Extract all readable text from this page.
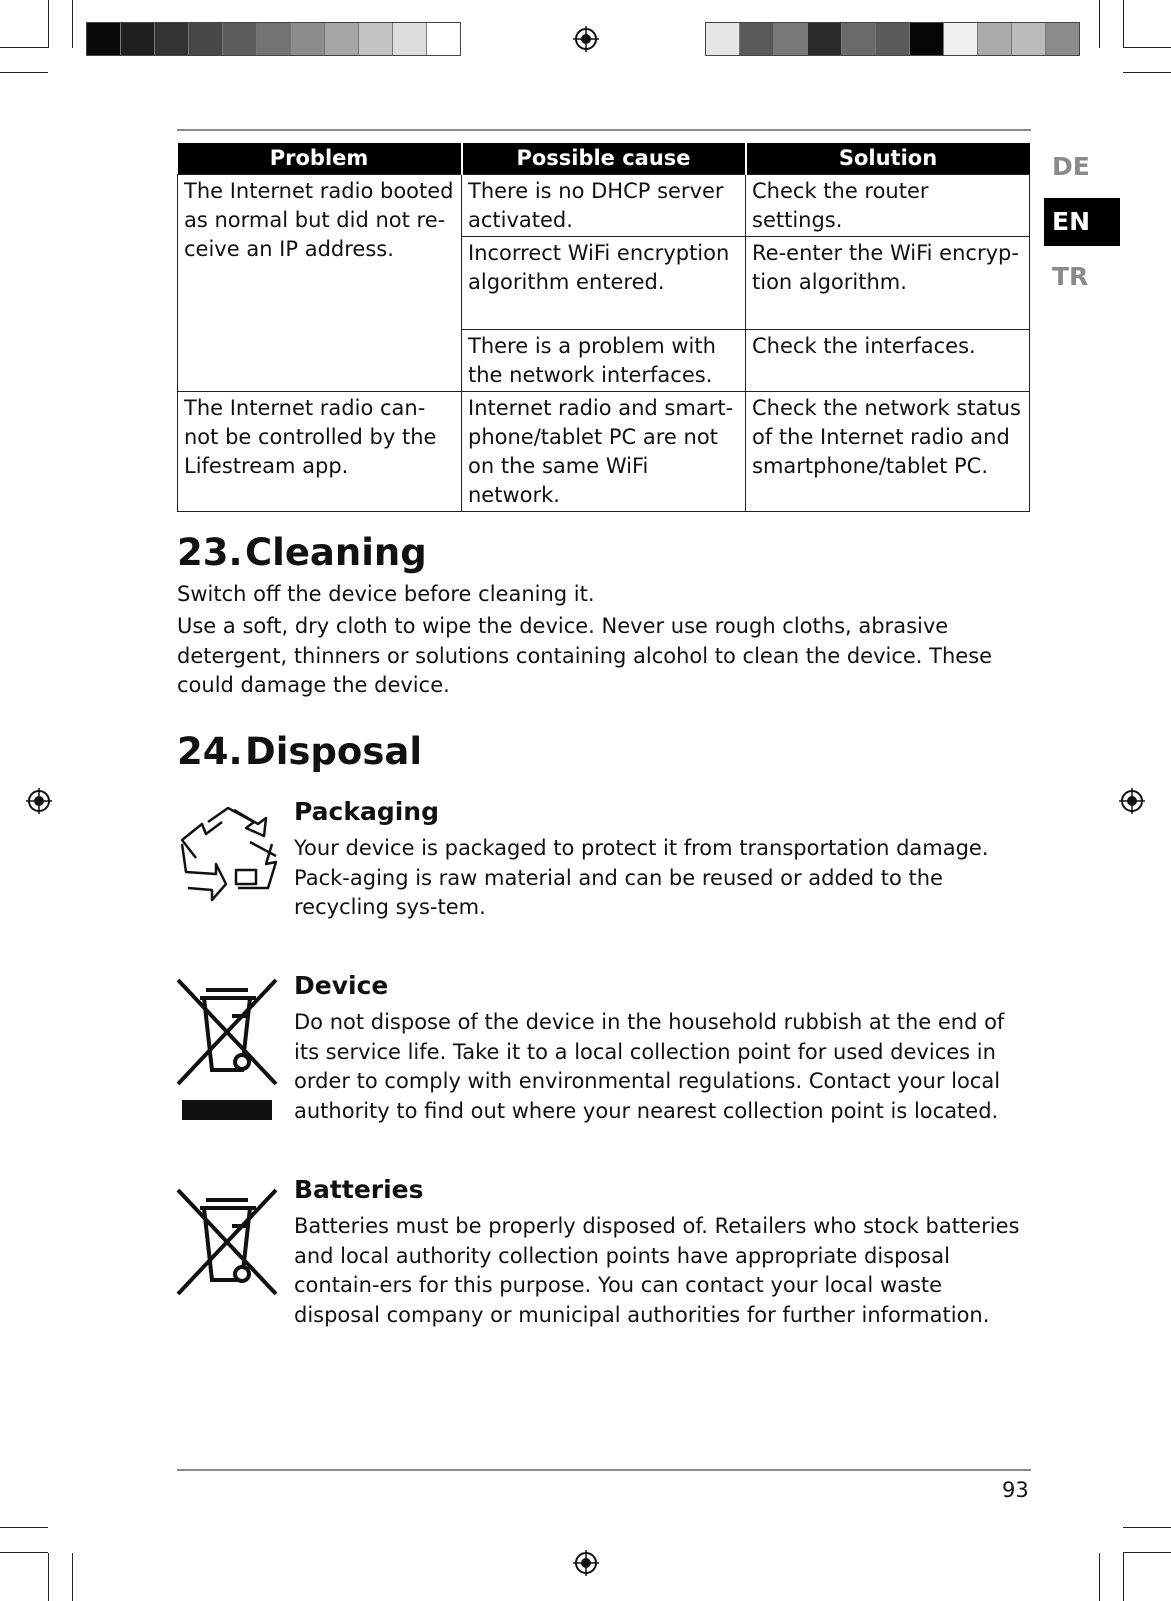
DE
EN
TR
Problem	Possible cause	Solution
The Internet radio booted as normal but did not re-ceive an IP address.	There is no DHCP server activated.	Check the router settings.
	Incorrect WiFi encryption algorithm entered.	Re-enter the WiFi encryp-tion algorithm.
	There is a problem with the network interfaces.	Check the interfaces.
The Internet radio can-not be controlled by the Lifestream app.	Internet radio and smart-phone/tablet PC are not on the same WiFi network.	Check the network status of the Internet radio and smartphone/tablet PC.
23.Cleaning

Switch off the device before cleaning it.

Use a soft, dry cloth to wipe the device. Never use rough cloths, abrasive detergent, thinners or solutions containing alcohol to clean the device. These could damage the device.

24.Disposal
Packaging

Your device is packaged to protect it from transportation damage. Pack-aging is raw material and can be reused or added to the recycling sys-tem.

Device

Do not dispose of the device in the household rubbish at the end of its service life. Take it to a local collection point for used devices in order to comply with environmental regulations. Contact your local authority to find out where your nearest collection point is located.

Batteries

Batteries must be properly disposed of. Retailers who stock batteries and local authority collection points have appropriate disposal contain-ers for this purpose. You can contact your local waste disposal company or municipal authorities for further information.

93
